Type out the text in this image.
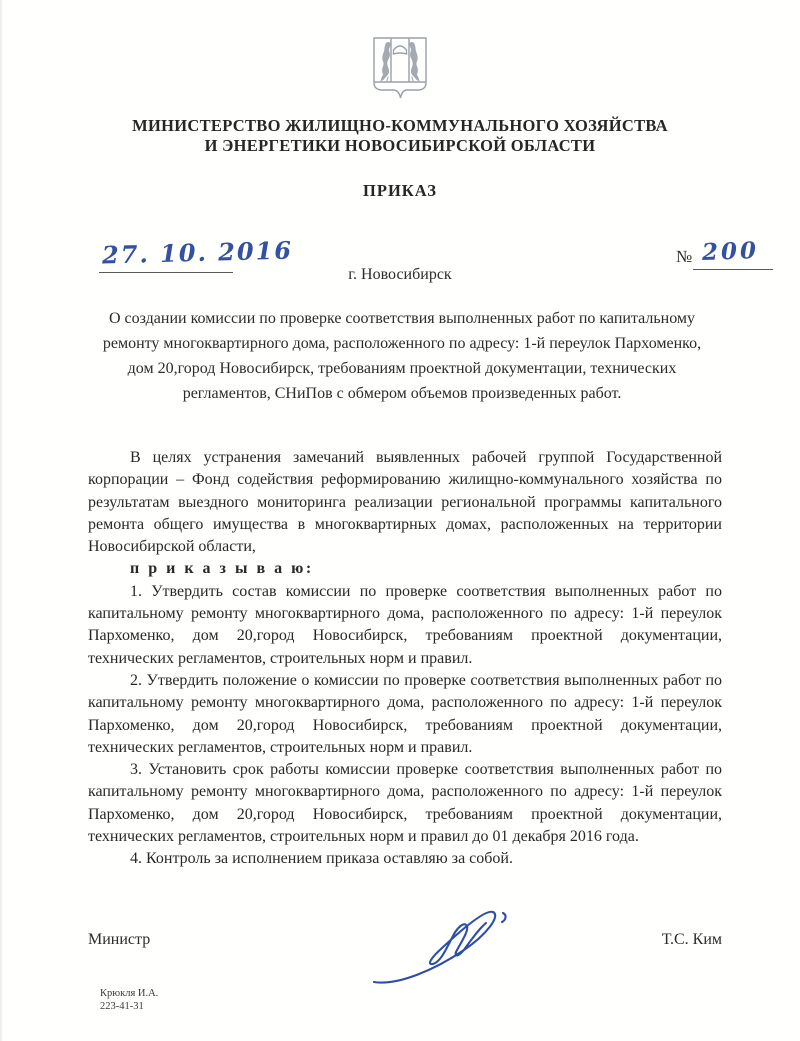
МИНИСТЕРСТВО ЖИЛИЩНО-КОММУНАЛЬНОГО ХОЗЯЙСТВА
И ЭНЕРГЕТИКИ НОВОСИБИРСКОЙ ОБЛАСТИ
ПРИКАЗ
27. 10. 2016	№ 200
г. Новосибирск
О создании комиссии по проверке соответствия выполненных работ по капитальному ремонту многоквартирного дома, расположенного по адресу: 1-й переулок Пархоменко, дом 20,город Новосибирск, требованиям проектной документации, технических регламентов, СНиПов с обмером объемов произведенных работ.

В целях устранения замечаний выявленных рабочей группой Государственной корпорации – Фонд содействия реформированию жилищно-коммунального хозяйства по результатам выездного мониторинга реализации региональной программы капитального ремонта общего имущества в многоквартирных домах, расположенных на территории Новосибирской области,

п р и к а з ы в а ю:

1. Утвердить состав комиссии по проверке соответствия выполненных работ по капитальному ремонту многоквартирного дома, расположенного по адресу: 1-й переулок Пархоменко, дом 20,город Новосибирск, требованиям проектной документации, технических регламентов, строительных норм и правил.

2. Утвердить положение о комиссии по проверке соответствия выполненных работ по капитальному ремонту многоквартирного дома, расположенного по адресу: 1-й переулок Пархоменко, дом 20,город Новосибирск, требованиям проектной документации, технических регламентов, строительных норм и правил.

3. Установить срок работы комиссии проверке соответствия выполненных работ по капитальному ремонту многоквартирного дома, расположенного по адресу: 1-й переулок Пархоменко, дом 20,город Новосибирск, требованиям проектной документации, технических регламентов, строительных норм и правил до 01 декабря 2016 года.

4. Контроль за исполнением приказа оставляю за собой.

Министр	Т.С. Ким
Крюкля И.А.
223-41-31
